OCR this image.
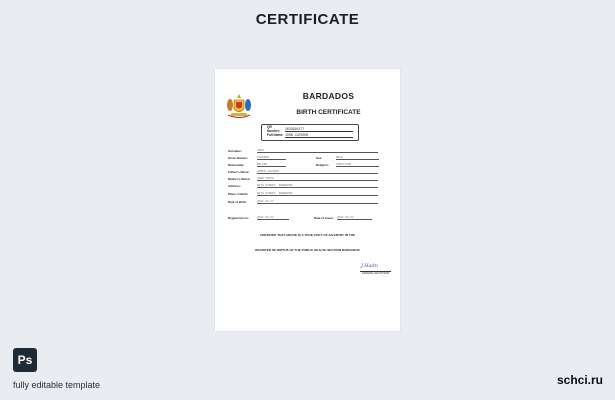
CERTIFICATE
BARDADOS
BIRTH CERTIFICATE
QR Number:
2033991277
Full Name: JOHN CLESSON
Surname:	JOHN
Given Names:	CLESSON	Sex:	MALE
Nationality:	BELIZE	Religion:	CHRISTIAN
Father's Name:	JAMES CLESSON
Mother's Name: JANE SMITH
Address:	BETH STREET, BARBADOS
Place of Birth:	BETH STREET, BARBADOS
Date of Birth:	2021.03.17
Registered on:	2021.03.21	Date of Issue: 2021.03.21
CERTIFIED THAT ABOVE IS A TRUE COPY OF AN ENTRY IN THE
REGISTER OF BIRTHS OF THE PUBLIC HEALTH SECTION BARDADOS
J.Hadn
GENERAL REGISTRAR
Ps
fully editable template	schci.ru
